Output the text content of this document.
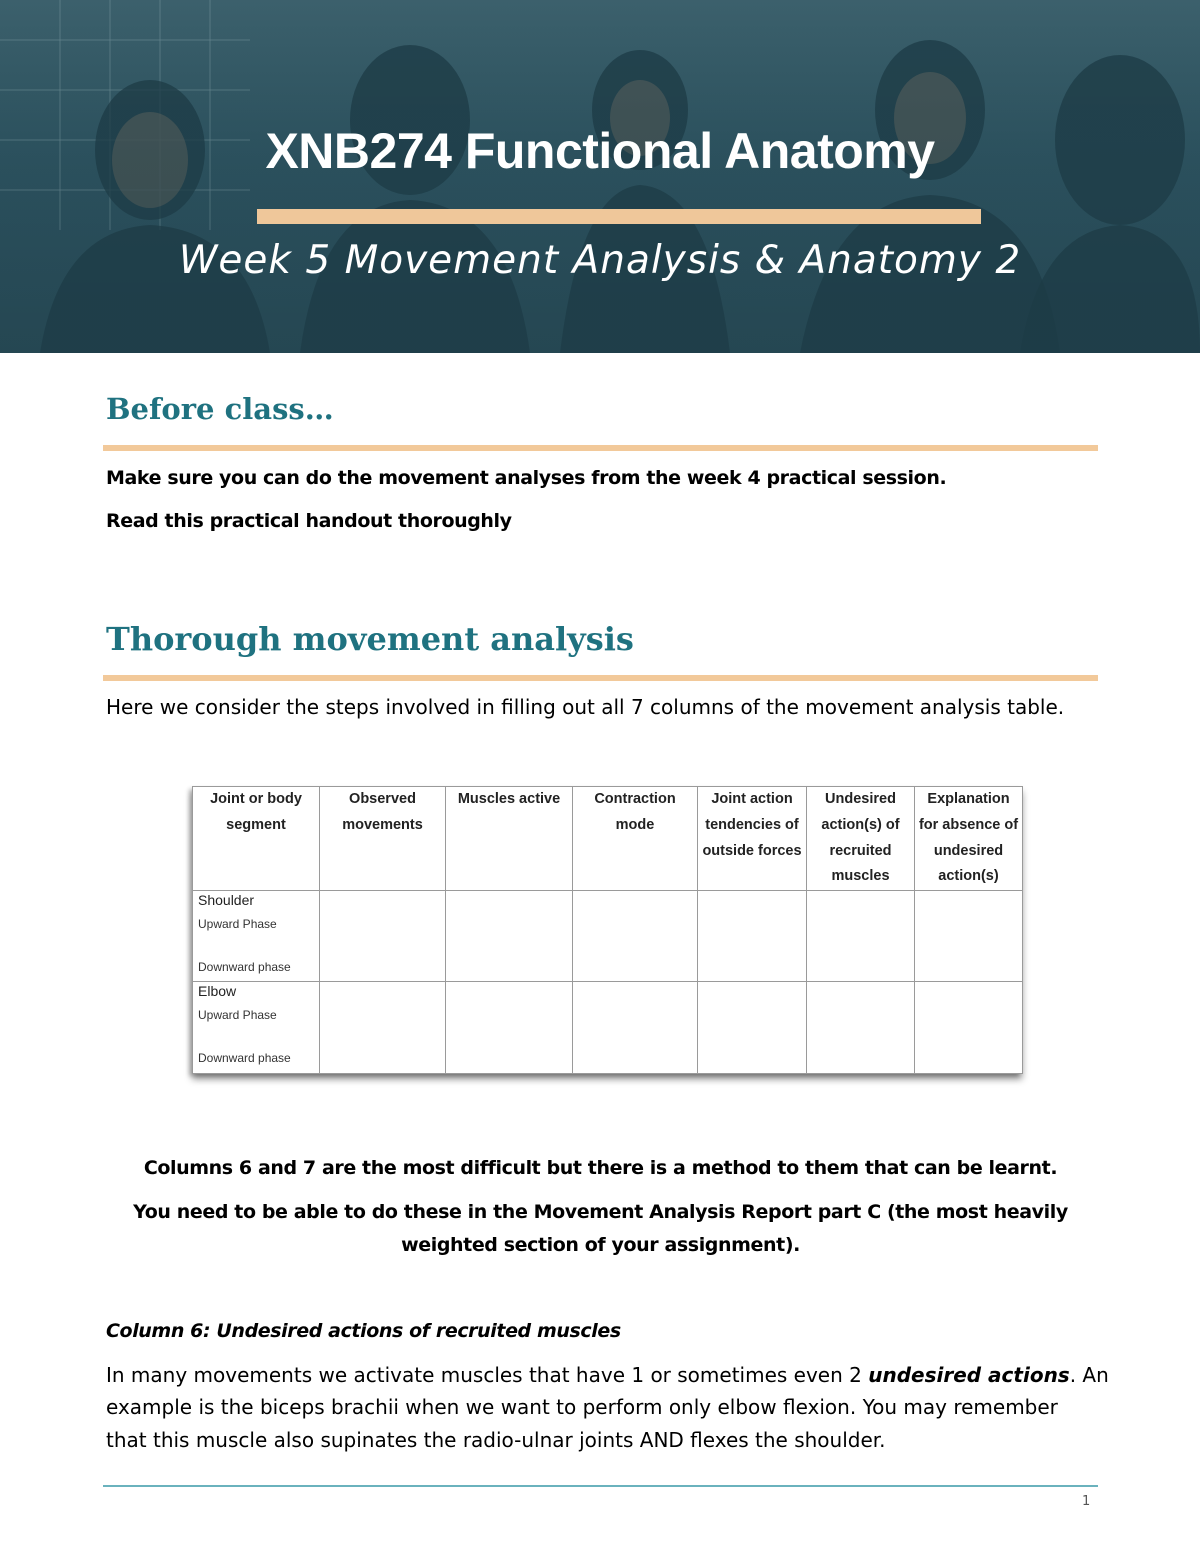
XNB274 Functional Anatomy
Week 5 Movement Analysis & Anatomy 2
Before class…
Make sure you can do the movement analyses from the week 4 practical session.
Read this practical handout thoroughly
Thorough movement analysis
Here we consider the steps involved in filling out all 7 columns of the movement analysis table.
Joint or body segment	Observed movements	Muscles active	Contraction mode	Joint action tendencies of outside forces	Undesired action(s) of recruited muscles	Explanation for absence of undesired action(s)

Shoulder
Upward Phase
Downward phase						

Elbow
Upward Phase
Downward phase						

Columns 6 and 7 are the most difficult but there is a method to them that can be learnt.
You need to be able to do these in the Movement Analysis Report part C (the most heavily
weighted section of your assignment).
Column 6: Undesired actions of recruited muscles
In many movements we activate muscles that have 1 or sometimes even 2 undesired actions. An
example is the biceps brachii when we want to perform only elbow flexion. You may remember
that this muscle also supinates the radio-ulnar joints AND flexes the shoulder.
1
